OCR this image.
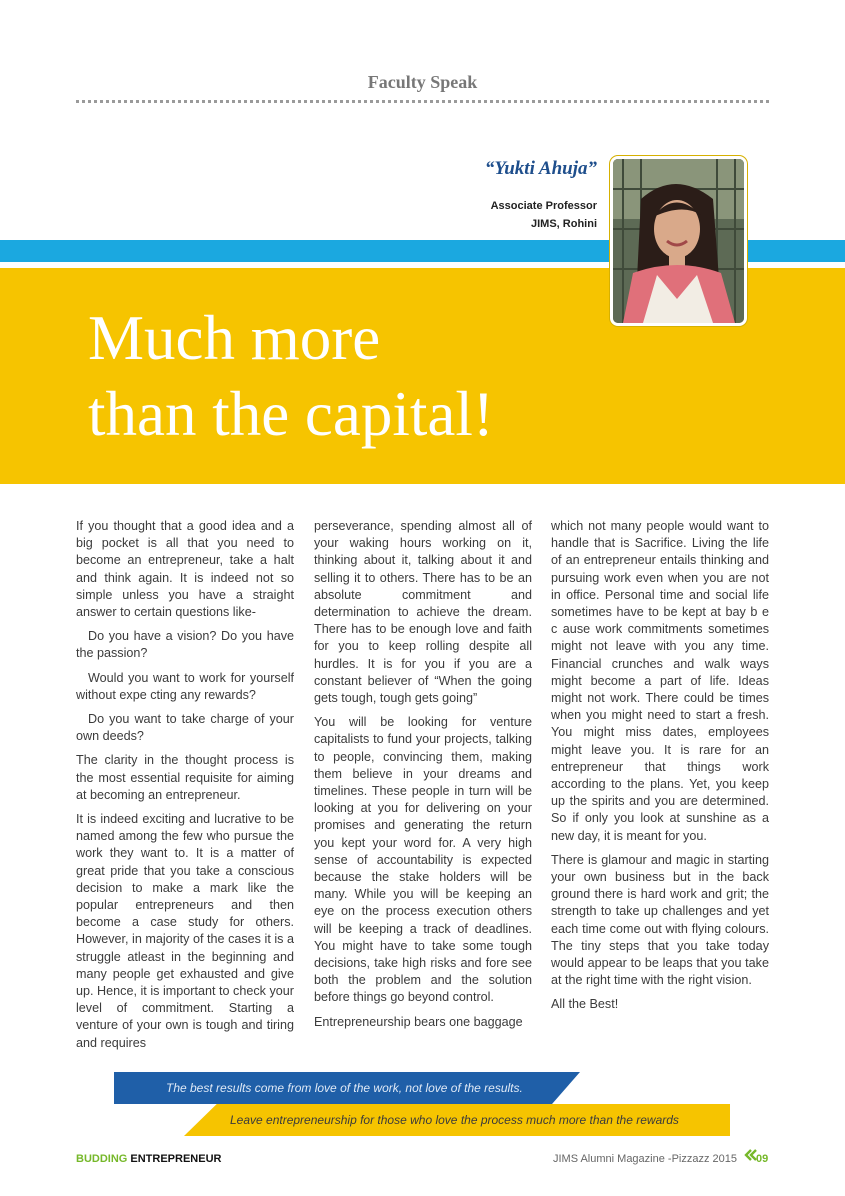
Faculty Speak
“Yukti Ahuja”
Associate Professor
JIMS, Rohini
Much more
than the capital!

If you thought that a good idea and a big pocket is all that you need to become an entrepreneur, take a halt and think again. It is indeed not so simple unless you have a straight answer to certain questions like-

Do you have a vision? Do you have the passion?

Would you want to work for yourself without expe cting any rewards?

Do you want to take charge of your own deeds?

The clarity in the thought process is the most essential requisite for aiming at becoming an entrepreneur.

It is indeed exciting and lucrative to be named among the few who pursue the work they want to. It is a matter of great pride that you take a conscious decision to make a mark like the popular entrepreneurs and then become a case study for others. However, in majority of the cases it is a struggle atleast in the beginning and many people get exhausted and give up. Hence, it is important to check your level of commitment. Starting a venture of your own is tough and tiring and requires

perseverance, spending almost all of your waking hours working on it, thinking about it, talking about it and selling it to others. There has to be an absolute commitment and determination to achieve the dream. There has to be enough love and faith for you to keep rolling despite all hurdles. It is for you if you are a constant believer of “When the going gets tough, tough gets going”

You will be looking for venture capitalists to fund your projects, talking to people, convincing them, making them believe in your dreams and timelines. These people in turn will be looking at you for delivering on your promises and generating the return you kept your word for. A very high sense of accountability is expected because the stake holders will be many. While you will be keeping an eye on the process execution others will be keeping a track of deadlines. You might have to take some tough decisions, take high risks and fore see both the problem and the solution before things go beyond control.

Entrepreneurship bears one baggage

which not many people would want to handle that is Sacrifice. Living the life of an entrepreneur entails thinking and pursuing work even when you are not in office. Personal time and social life sometimes have to be kept at bay b e c ause work commitments sometimes might not leave with you any time. Financial crunches and walk ways might become a part of life. Ideas might not work. There could be times when you might need to start a fresh. You might miss dates, employees might leave you. It is rare for an entrepreneur that things work according to the plans. Yet, you keep up the spirits and you are determined. So if only you look at sunshine as a new day, it is meant for you.

There is glamour and magic in starting your own business but in the back ground there is hard work and grit; the strength to take up challenges and yet each time come out with flying colours. The tiny steps that you take today would appear to be leaps that you take at the right time with the right vision.

All the Best!

The best results come from love of the work, not love of the results.
Leave entrepreneurship for those who love the process much more than the rewards
BUDDING ENTREPRENEUR	JIMS Alumni Magazine -Pizzazz 2015 09
